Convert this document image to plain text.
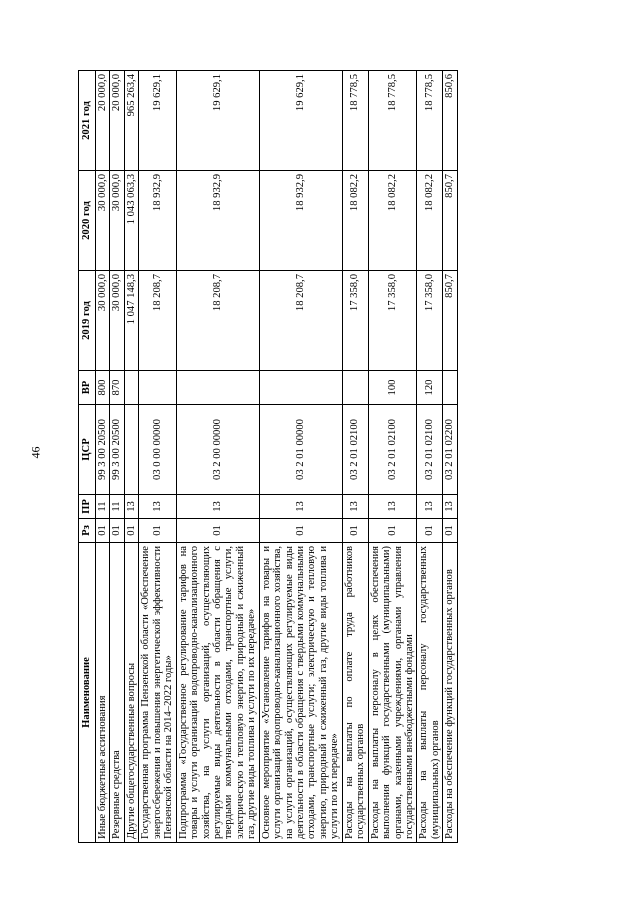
46
Наименование	Рз	ПР	ЦСР	ВР	2019 год	2020 год	2021 год
Иные бюджетные ассигнования	01	11	99 3 00 20500	800	30 000,0	30 000,0	20 000,0
Резервные средства	01	11	99 3 00 20500	870	30 000,0	30 000,0	20 000,0
Другие общегосударственные вопросы	01	13			1 047 148,3	1 043 063,3	965 263,4
Государственная программа Пензенской области «Обеспечение энергосбережения и повышения энергетической эффективности Пензенской области на 2014–2022 годы»	01	13	03 0 00 00000		18 208,7	18 932,9	19 629,1
Подпрограмма «Государственное регулирование тарифов на товары и услуги организаций водопроводно-канализационного хозяйства, на услуги организаций, осуществляющих регулируемые виды деятельности в области обращения с твердыми коммунальными отходами, транспортные услуги, электрическую и тепловую энергию, природный и сжиженный газ, другие виды топлива и услуги по их передаче»	01	13	03 2 00 00000		18 208,7	18 932,9	19 629,1
Основное мероприятие «Установление тарифов на товары и услуги организаций водопроводно-канализационного хозяйства, на услуги организаций, осуществляющих регулируемые виды деятельности в области обращения с твердыми коммунальными отходами, транспортные услуги; электрическую и тепловую энергию, природный и сжиженный газ, другие виды топлива и услуги по их передаче»	01	13	03 2 01 00000		18 208,7	18 932,9	19 629,1
Расходы на выплаты по оплате труда работников государственных органов	01	13	03 2 01 02100		17 358,0	18 082,2	18 778,5
Расходы на выплаты персоналу в целях обеспечения выполнения функций государственными (муниципальными) органами, казенными учреждениями, органами управления государственными внебюджетными фондами	01	13	03 2 01 02100	100	17 358,0	18 082,2	18 778,5
Расходы на выплаты персоналу государственных (муниципальных) органов	01	13	03 2 01 02100	120	17 358,0	18 082,2	18 778,5
Расходы на обеспечение функций государственных органов	01	13	03 2 01 02200		850,7	850,7	850,6
